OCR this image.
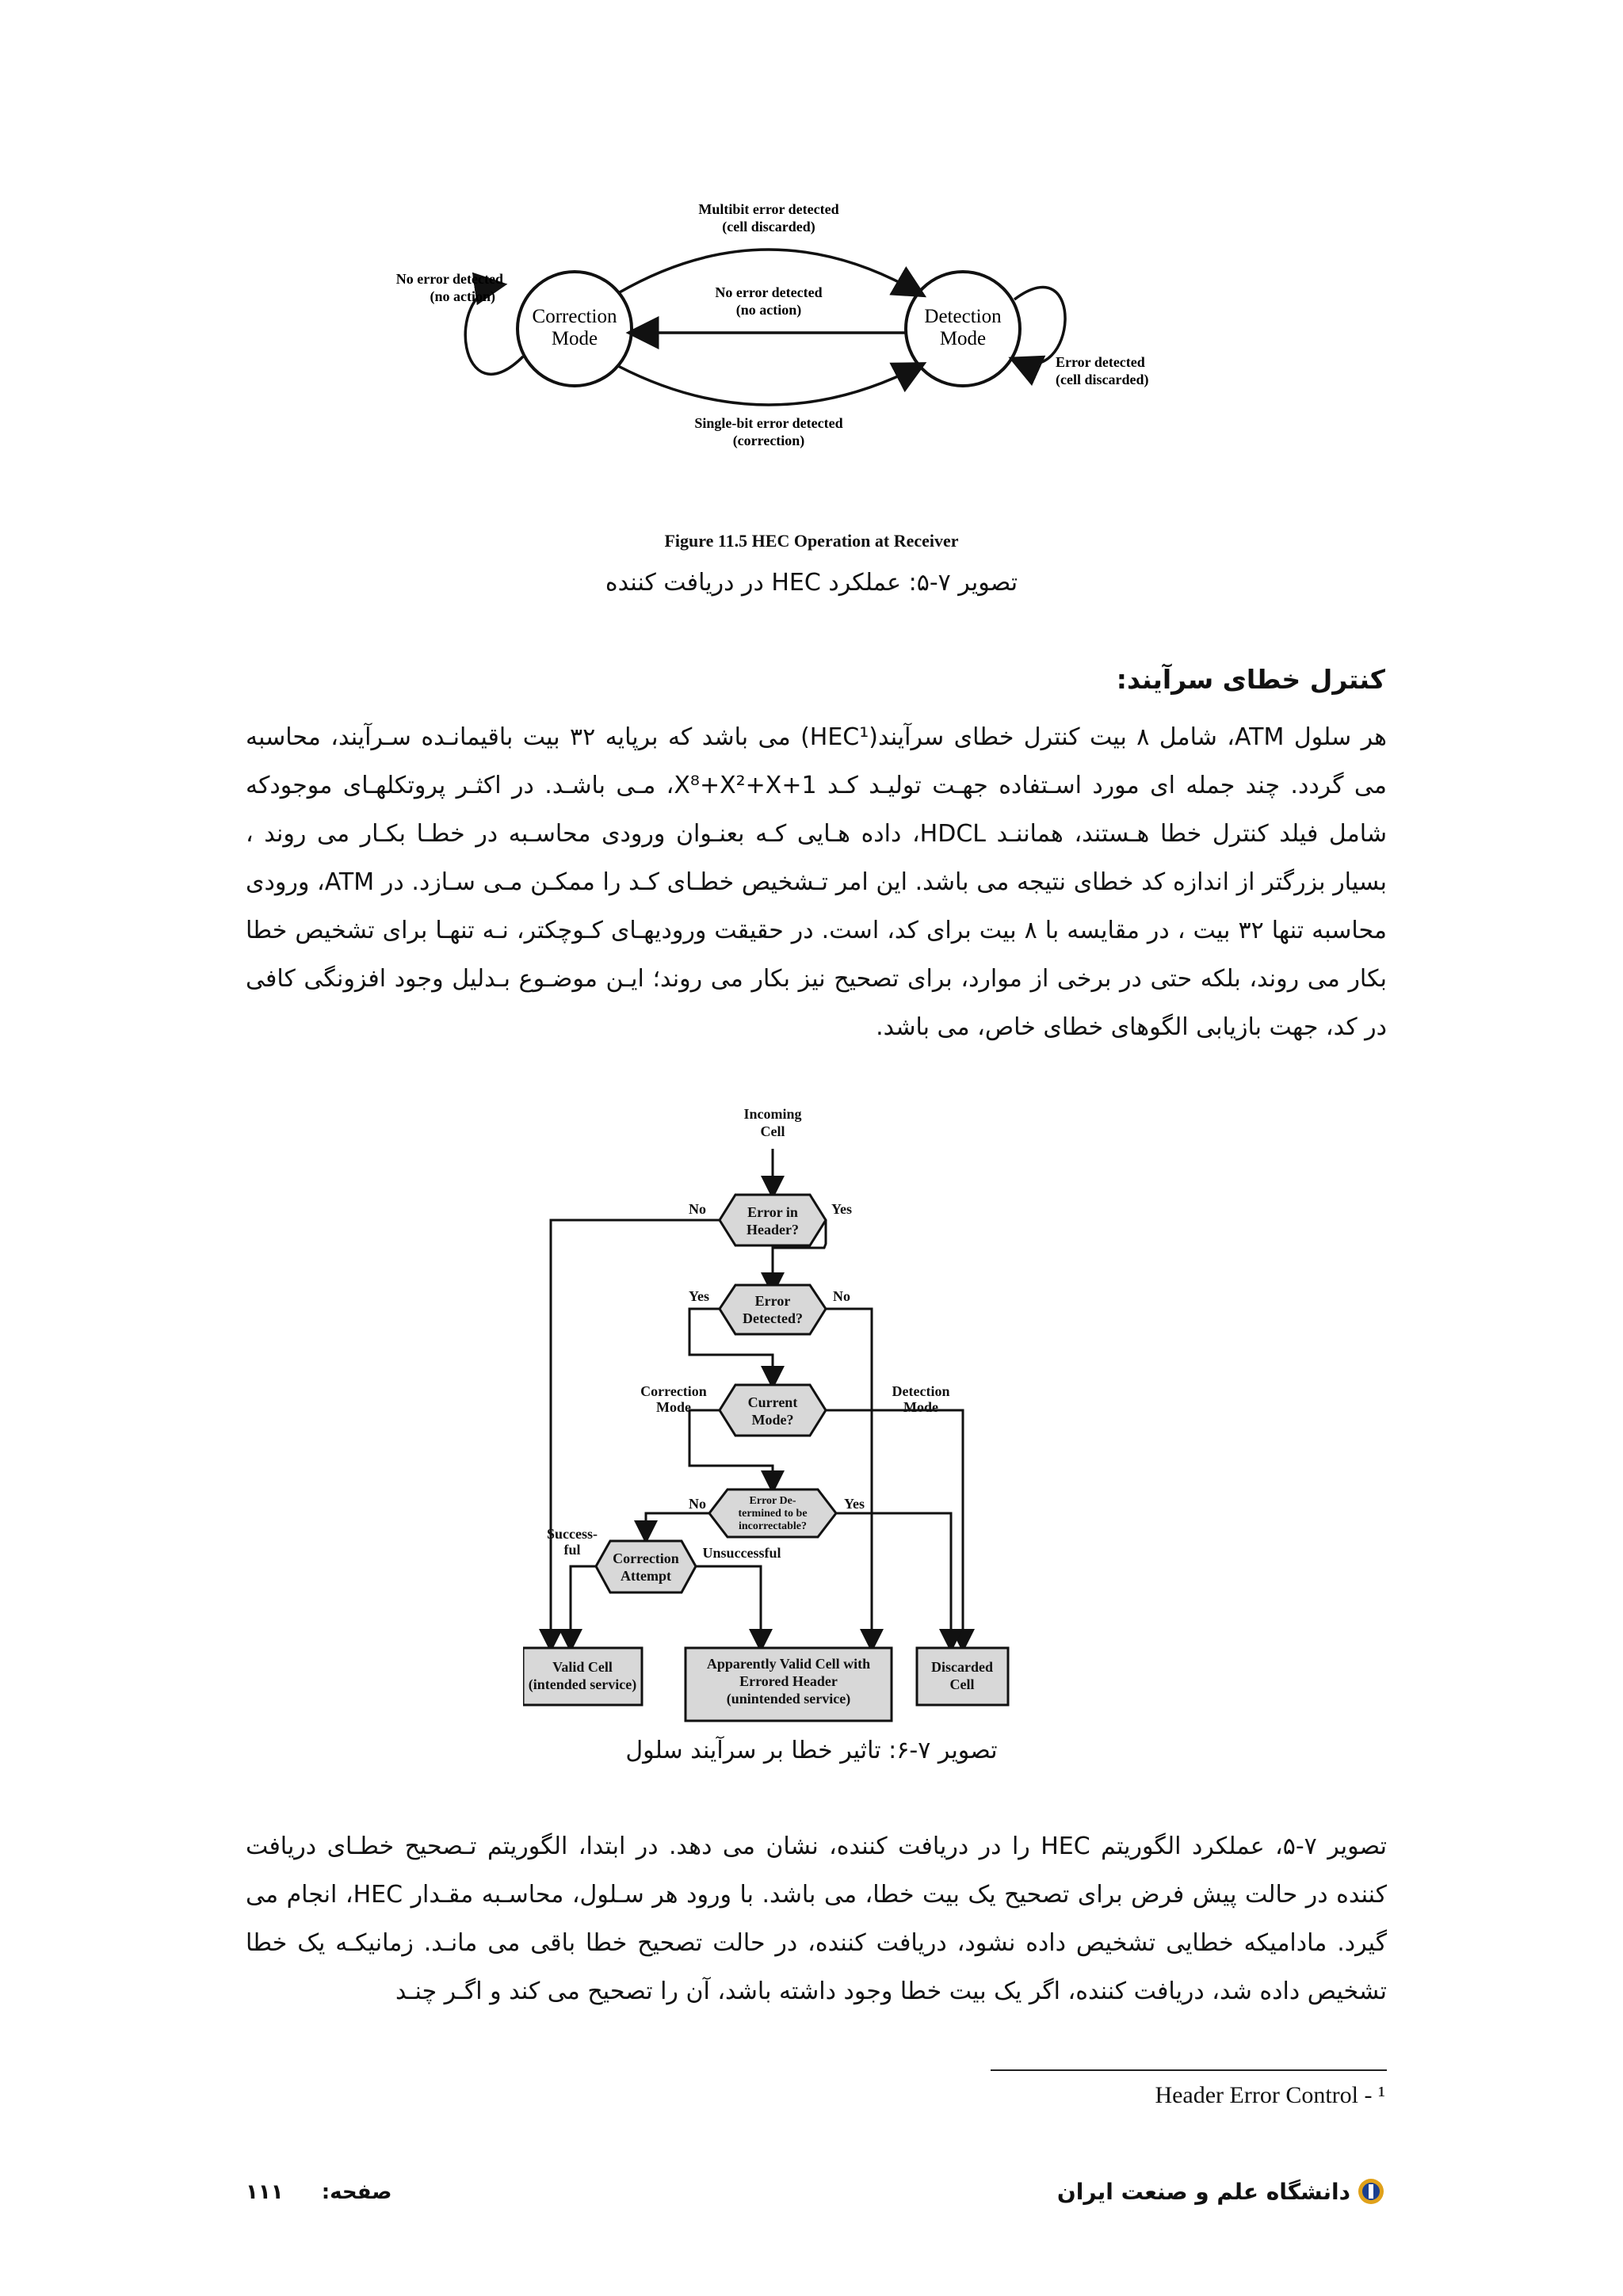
Correction
Mode
Detection
Mode
Multibit error detected
(cell discarded)
No error detected
(no action)
Single-bit error detected
(correction)
No error detected
(no action)
Error detected
(cell discarded)
Figure 11.5 HEC Operation at Receiver
تصویر ۷-۵: عملکرد HEC در دریافت کننده
کنترل خطای سرآیند:

هر سلول ATM، شامل ۸ بیت کنترل خطای سرآیند(HEC¹) می باشد که برپایه ۳۲ بیت باقیمانـده سـرآیند، محاسبه می گردد. چند جمله ای مورد اسـتفاده جهـت تولیـد کـد X⁸+X²+X+1، مـی باشـد. در اکثـر پروتکلهـای موجودکه شامل فیلد کنترل خطا هـستند، هماننـد HDCL، داده هـایی کـه بعنـوان ورودی محاسـبه در خطـا بکـار می روند ، بسیار بزرگتر از اندازه کد خطای نتیجه می باشد. این امر تـشخیص خطـای کـد را ممکـن مـی سـازد. در ATM، ورودی محاسبه تنها ۳۲ بیت ، در مقایسه با ۸ بیت برای کد، است. در حقیقت ورودیهـای کـوچکتر، نـه تنهـا برای تشخیص خطا بکار می روند، بلکه حتی در برخی از موارد، برای تصحیح نیز بکار می روند؛ ایـن موضـوع بـدلیل وجود افزونگی کافی در کد، جهت بازیابی الگوهای خطای خاص، می باشد.

Incoming
Cell
Error in
Header?
Error
Detected?
Current
Mode?
Error De-
termined to be
incorrectable?
Correction
Attempt
No	Yes
Yes	No
Correction
Mode
Detection
Mode
No	Yes
Success-
ful	Unsuccessful
Valid Cell
(intended service)
Apparently Valid Cell with
Errored Header
(unintended service)
Discarded
Cell
تصویر ۷-۶: تاثیر خطا بر سرآیند سلول

تصویر ۷-۵، عملکرد الگوریتم HEC را در دریافت کننده، نشان می دهد. در ابتدا، الگوریتم تـصحیح خطـای دریافت کننده در حالت پیش فرض برای تصحیح یک بیت خطا، می باشد. با ورود هر سـلول، محاسـبه مقـدار HEC، انجام می گیرد. مادامیکه خطایی تشخیص داده نشود، دریافت کننده، در حالت تصحیح خطا باقی می مانـد. زمانیکـه یک خطا تشخیص داده شد، دریافت کننده، اگر یک بیت خطا وجود داشته باشد، آن را تصحیح می کند و اگـر چنـد

Header Error Control - ¹
صفحه:  ۱۱۱	دانشگاه علم و صنعت ایران
